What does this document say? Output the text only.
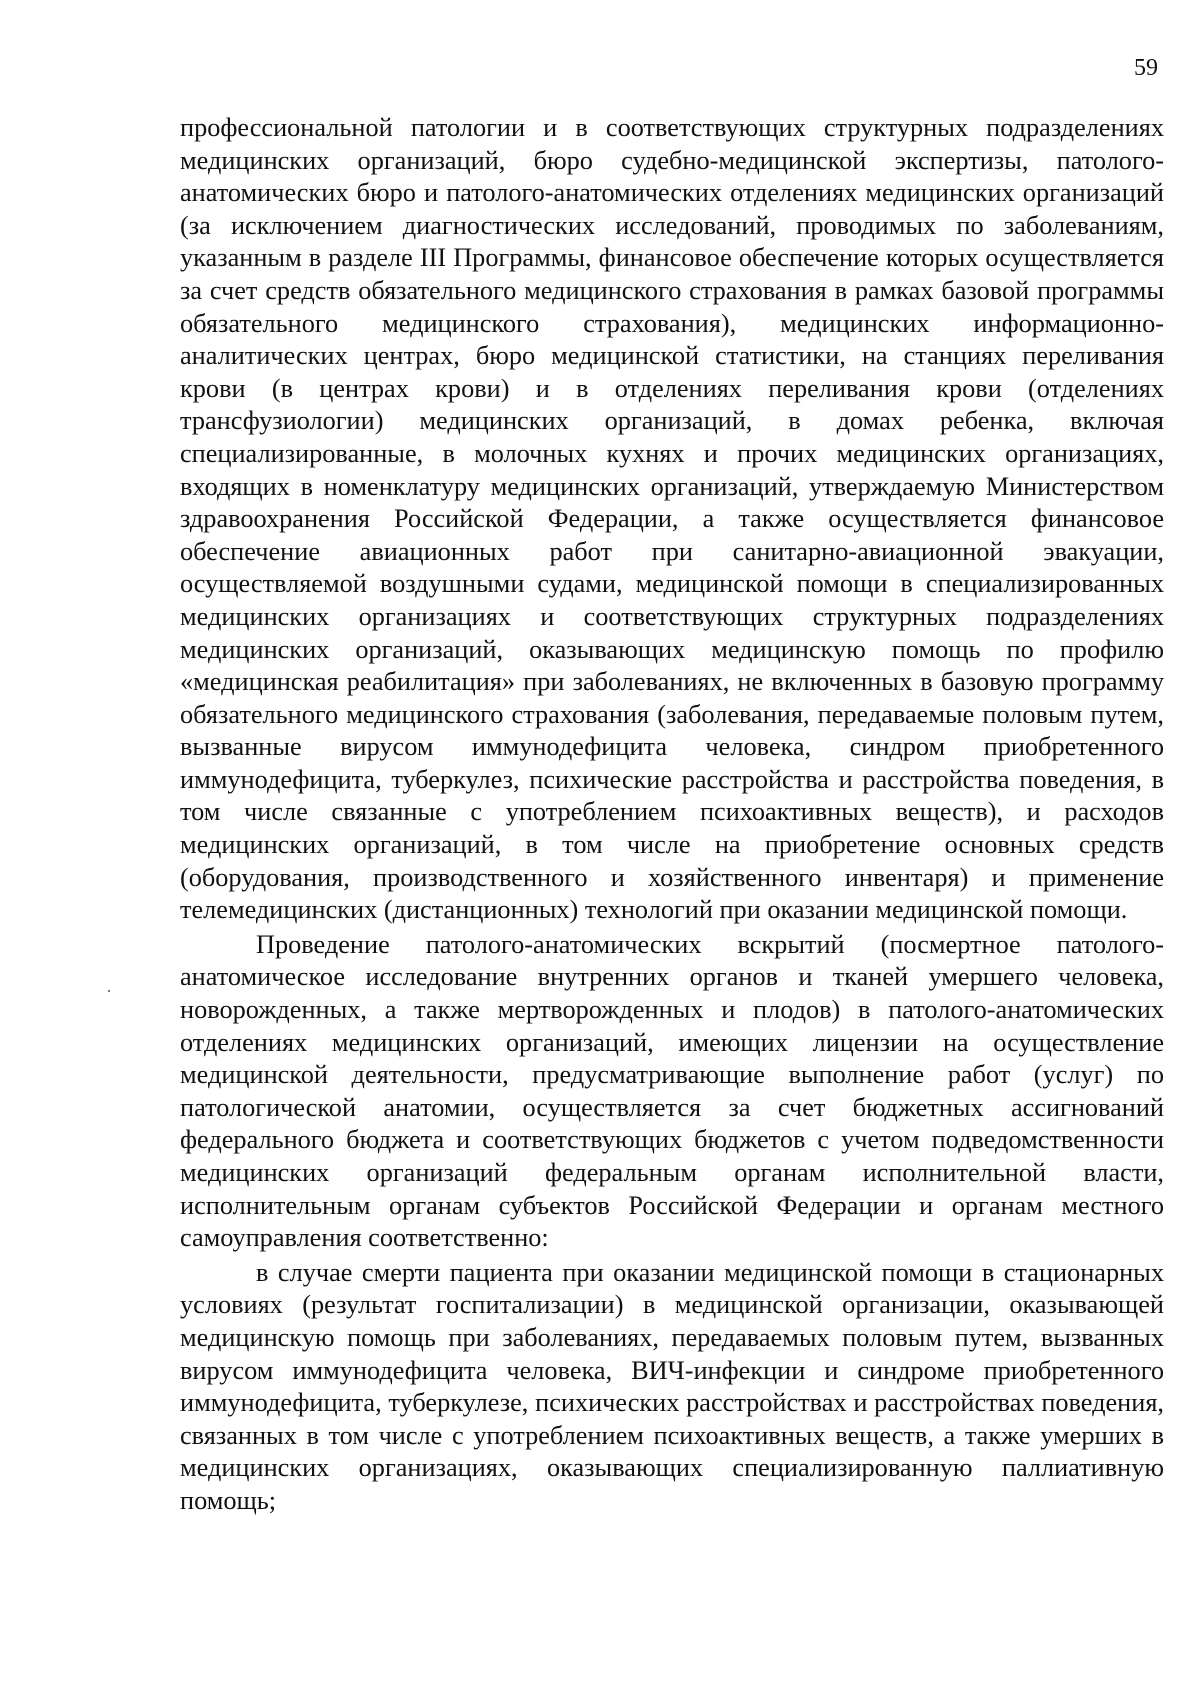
59

профессиональной патологии и в соответствующих структурных подразделениях медицинских организаций, бюро судебно-медицинской экспертизы, патолого-анатомических бюро и патолого-анатомических отделениях медицинских организаций (за исключением диагностических исследований, проводимых по заболеваниям, указанным в разделе III Программы, финансовое обеспечение которых осуществляется за счет средств обязательного медицинского страхования в рамках базовой программы обязательного медицинского страхования), медицинских информационно-аналитических центрах, бюро медицинской статистики, на станциях переливания крови (в центрах крови) и в отделениях переливания крови (отделениях трансфузиологии) медицинских организаций, в домах ребенка, включая специализированные, в молочных кухнях и прочих медицинских организациях, входящих в номенклатуру медицинских организаций, утверждаемую Министерством здравоохранения Российской Федерации, а также осуществляется финансовое обеспечение авиационных работ при санитарно-авиационной эвакуации, осуществляемой воздушными судами, медицинской помощи в специализированных медицинских организациях и соответствующих структурных подразделениях медицинских организаций, оказывающих медицинскую помощь по профилю «медицинская реабилитация» при заболеваниях, не включенных в базовую программу обязательного медицинского страхования (заболевания, передаваемые половым путем, вызванные вирусом иммунодефицита человека, синдром приобретенного иммунодефицита, туберкулез, психические расстройства и расстройства поведения, в том числе связанные с употреблением психоактивных веществ), и расходов медицинских организаций, в том числе на приобретение основных средств (оборудования, производственного и хозяйственного инвентаря) и применение телемедицинских (дистанционных) технологий при оказании медицинской помощи.

Проведение патолого-анатомических вскрытий (посмертное патолого-анатомическое исследование внутренних органов и тканей умершего человека, новорожденных, а также мертворожденных и плодов) в патолого-анатомических отделениях медицинских организаций, имеющих лицензии на осуществление медицинской деятельности, предусматривающие выполнение работ (услуг) по патологической анатомии, осуществляется за счет бюджетных ассигнований федерального бюджета и соответствующих бюджетов с учетом подведомственности медицинских организаций федеральным органам исполнительной власти, исполнительным органам субъектов Российской Федерации и органам местного самоуправления соответственно:

в случае смерти пациента при оказании медицинской помощи в стационарных условиях (результат госпитализации) в медицинской организации, оказывающей медицинскую помощь при заболеваниях, передаваемых половым путем, вызванных вирусом иммунодефицита человека, ВИЧ-инфекции и синдроме приобретенного иммунодефицита, туберкулезе, психических расстройствах и расстройствах поведения, связанных в том числе с употреблением психоактивных веществ, а также умерших в медицинских организациях, оказывающих специализированную паллиативную помощь;
